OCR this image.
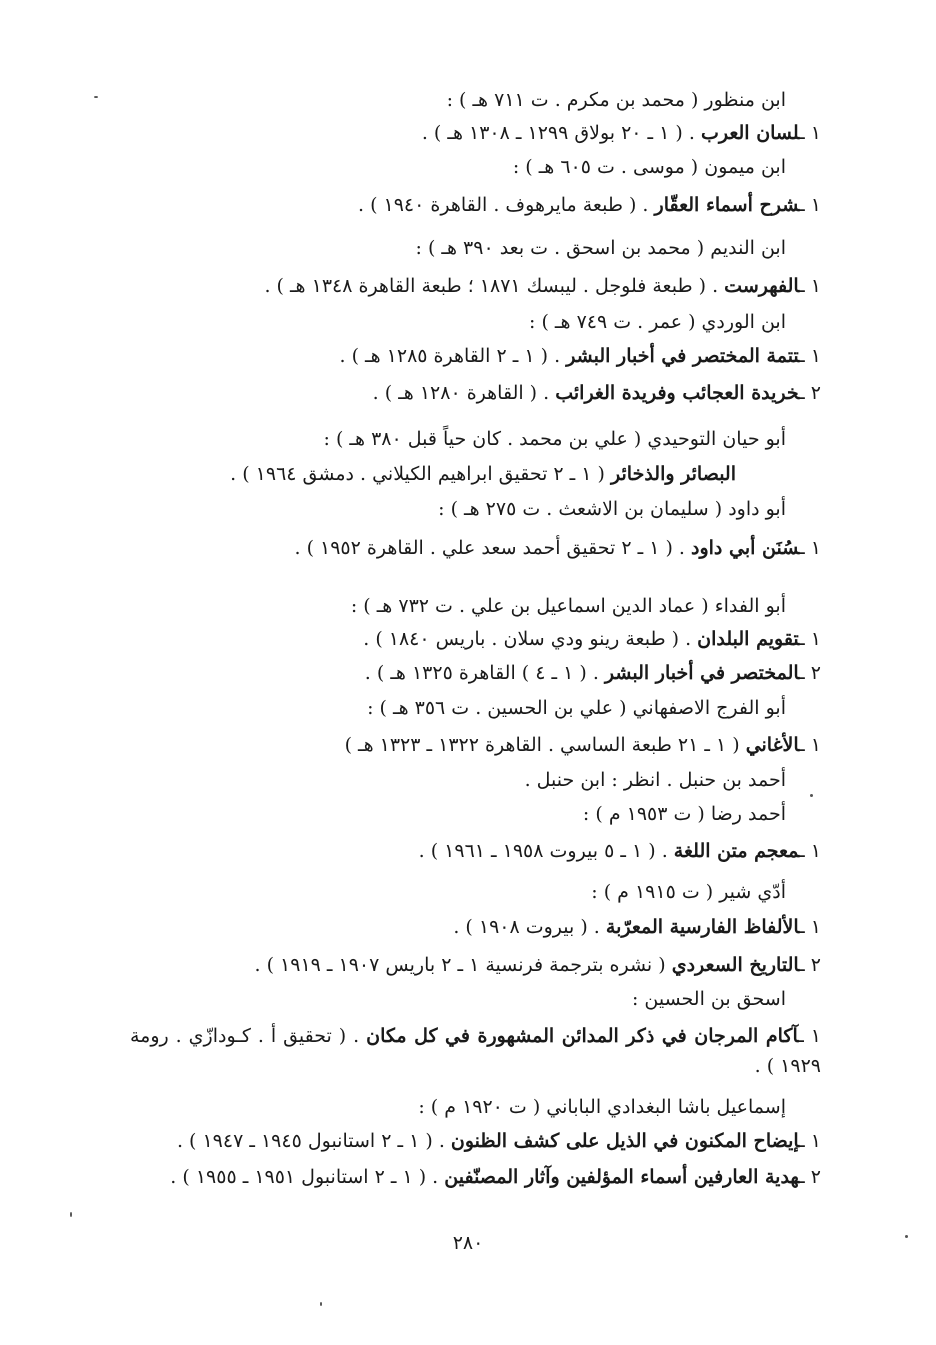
ابن منظور ( محمد بن مكرم . ت ٧١١ هـ ) :
١ ـلسان العرب . ( ١ ـ ٢٠ بولاق ١٢٩٩ ـ ١٣٠٨ هـ ) .
ابن ميمون ( موسى . ت ٦٠٥ هـ ) :
١ ـشرح أسماء العقّار . ( طبعة مايرهوف . القاهرة ١٩٤٠ ) .
ابن النديم ( محمد بن اسحق . ت بعد ٣٩٠ هـ ) :
١ ـالفهرست . ( طبعة فلوجل . ليبسك ١٨٧١ ؛ طبعة القاهرة ١٣٤٨ هـ ) .
ابن الوردي ( عمر . ت ٧٤٩ هـ ) :
١ ـتتمة المختصر في أخبار البشر . ( ١ ـ ٢ القاهرة ١٢٨٥ هـ ) .
٢ ـخريدة العجائب وفريدة الغرائب . ( القاهرة ١٢٨٠ هـ ) .
أبو حيان التوحيدي ( علي بن محمد . كان حياً قبل ٣٨٠ هـ ) :
البصائر والذخائر ( ١ ـ ٢ تحقيق ابراهيم الكيلاني . دمشق ١٩٦٤ ) .
أبو داود ( سليمان بن الاشعث . ت ٢٧٥ هـ ) :
١ ـسُنَن أبي داود . ( ١ ـ ٢ تحقيق أحمد سعد علي . القاهرة ١٩٥٢ ) .
أبو الفداء ( عماد الدين اسماعيل بن علي . ت ٧٣٢ هـ ) :
١ ـتقويم البلدان . ( طبعة رينو ودي سلان . باريس ١٨٤٠ ) .
٢ ـالمختصر في أخبار البشر . ( ١ ـ ٤ ) القاهرة ١٣٢٥ هـ ) .
أبو الفرج الاصفهاني ( علي بن الحسين . ت ٣٥٦ هـ ) :
١ ـالأغاني ( ١ ـ ٢١ طبعة الساسي . القاهرة ١٣٢٢ ـ ١٣٢٣ هـ )
أحمد بن حنبل . انظر : ابن حنبل .
أحمد رضا ( ت ١٩٥٣ م ) :
١ ـمعجم متن اللغة . ( ١ ـ ٥ بيروت ١٩٥٨ ـ ١٩٦١ ) .
أدّي شير ( ت ١٩١٥ م ) :
١ ـالألفاظ الفارسية المعرّبة . ( بيروت ١٩٠٨ ) .
٢ ـالتاريخ السعردي ( نشره بترجمة فرنسية ١ ـ ٢ باريس ١٩٠٧ ـ ١٩١٩ ) .
اسحق بن الحسين :
١ ـآكام المرجان في ذكر المدائن المشهورة في كل مكان . ( تحقيق أ . كـودازّي . رومة ١٩٢٩ ) .
إسماعيل باشا البغدادي الباباني ( ت ١٩٢٠ م ) :
١ ـإيضاح المكنون في الذيل على كشف الظنون . ( ١ ـ ٢ استانبول ١٩٤٥ ـ ١٩٤٧ ) .
٢ ـهدية العارفين أسماء المؤلفين وآثار المصنّفين . ( ١ ـ ٢ استانبول ١٩٥١ ـ ١٩٥٥ ) .
٢٨٠
